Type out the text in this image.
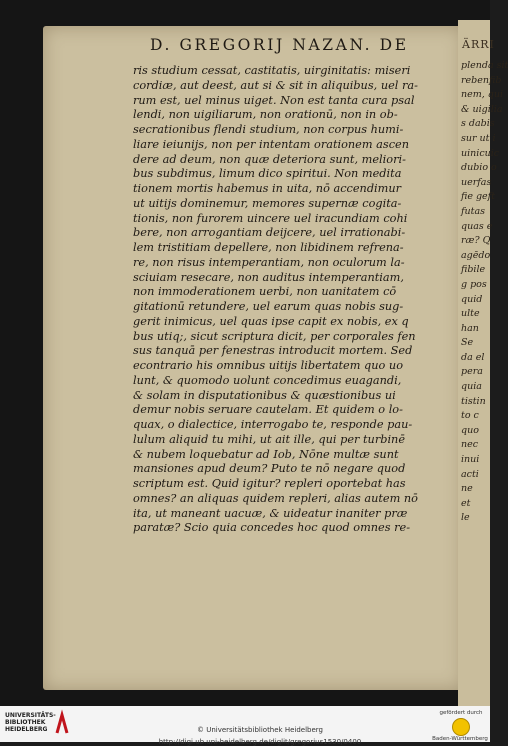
ÄRRI
plenda sit
rebenfib
nem, qui
& uigilia
s dabis
sur ut i
uinicuic
dubio o
uerfas
fie geft
futas
quas e
ræ? Q
agēdo
fibile
g pos
quid
ulte
han
Se
da el
pera
quia
tistin
to c
quo
nec
inui
acti
ne
et
le
D. GREGORIJ NAZAN. DE
ris studium cessat, castitatis, uirginitatis: miseri
cordiæ, aut deest, aut si & sit in aliquibus, uel ra-
rum est, uel minus uiget. Non est tanta cura psal
lendi, non uigiliarum, non orationū, non in ob-
secrationibus flendi studium, non corpus humi-
liare ieiunijs, non per intentam orationem ascen
dere ad deum, non quæ deteriora sunt, meliori-
bus subdimus, limum dico spiritui. Non medita
tionem mortis habemus in uita, nō accendimur
ut uitijs dominemur, memores supernæ cogita-
tionis, non furorem uincere uel iracundiam cohi
bere, non arrogantiam deijcere, uel irrationabi-
lem tristitiam depellere, non libidinem refrena-
re, non risus intemperantiam, non oculorum la-
sciuiam resecare, non auditus intemperantiam,
non immoderationem uerbi, non uanitatem cō
gitationū retundere, uel earum quas nobis sug-
gerit inimicus, uel quas ipse capit ex nobis, ex q
bus utiq;, sicut scriptura dicit, per corporales fen
sus tanquā per fenestras introducit mortem. Sed
econtrario his omnibus uitijs libertatem quo uo
lunt, & quomodo uolunt concedimus euagandi,
& solam in disputationibus & quæstionibus ui
demur nobis seruare cautelam. Et quidem o lo-
quax, o dialectice, interrogabo te, responde pau-
lulum aliquid tu mihi, ut ait ille, qui per turbinē
& nubem loquebatur ad Iob, Nōne multæ sunt
mansiones apud deum? Puto te nō negare quod
scriptum est. Quid igitur? repleri oportebat has
omnes? an aliquas quidem repleri, alias autem nō
ita, ut maneant uacuæ, & uideatur inaniter præ
paratæ? Scio quia concedes hoc quod omnes re-
UNIVERSITÄTS-
BIBLIOTHEK
HEIDELBERG	© Universitätsbibliothek Heidelberg
http://digi.ub.uni-heidelberg.de/diglit/gregorius1530/0400
gefördert durch
Baden-Württemberg
